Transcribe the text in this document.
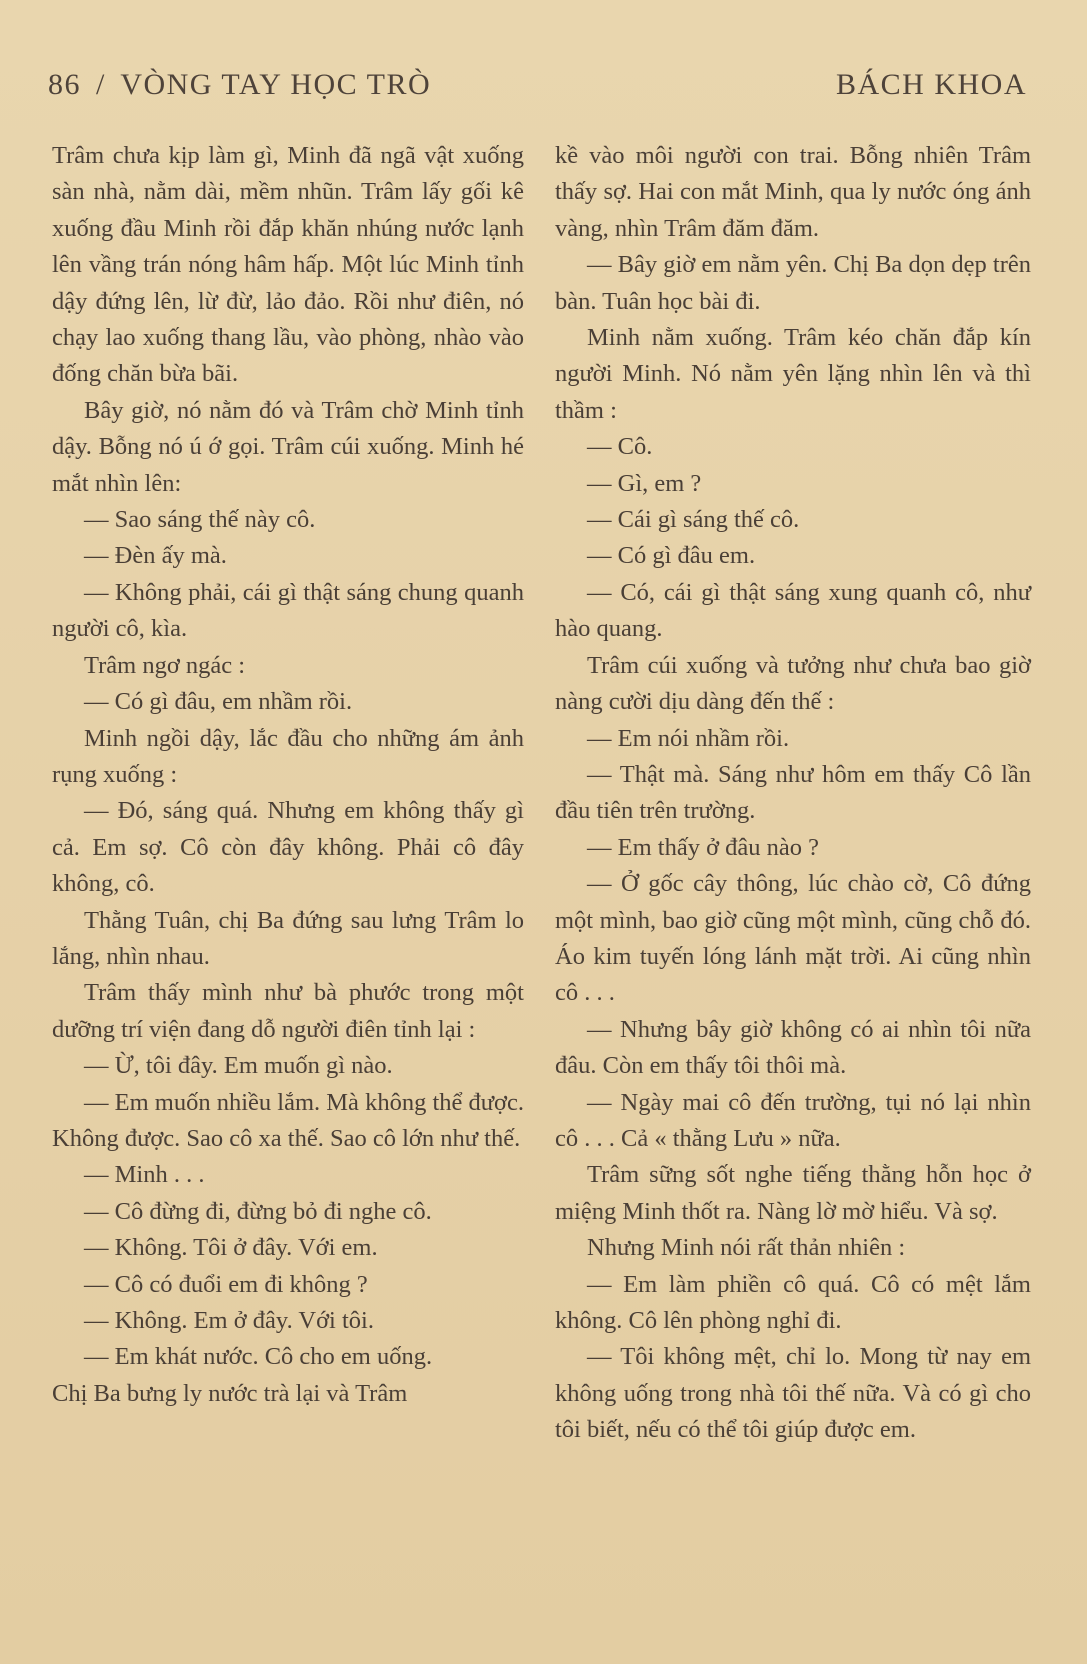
86 / VÒNG TAY HỌC TRÒ	BÁCH KHOA

Trâm chưa kịp làm gì, Minh đã ngã vật xuống sàn nhà, nằm dài, mềm nhũn. Trâm lấy gối kê xuống đầu Minh rồi đắp khăn nhúng nước lạnh lên vầng trán nóng hâm hấp. Một lúc Minh tỉnh dậy đứng lên, lừ đừ, lảo đảo. Rồi như điên, nó chạy lao xuống thang lầu, vào phòng, nhào vào đống chăn bừa bãi.

Bây giờ, nó nằm đó và Trâm chờ Minh tỉnh dậy. Bỗng nó ú ớ gọi. Trâm cúi xuống. Minh hé mắt nhìn lên:

— Sao sáng thế này cô.

— Đèn ấy mà.

— Không phải, cái gì thật sáng chung quanh người cô, kìa.

Trâm ngơ ngác :

— Có gì đâu, em nhầm rồi.

Minh ngồi dậy, lắc đầu cho những ám ảnh rụng xuống :

— Đó, sáng quá. Nhưng em không thấy gì cả. Em sợ. Cô còn đây không. Phải cô đây không, cô.

Thằng Tuân, chị Ba đứng sau lưng Trâm lo lắng, nhìn nhau.

Trâm thấy mình như bà phước trong một dưỡng trí viện đang dỗ người điên tỉnh lại :

— Ừ, tôi đây. Em muốn gì nào.

— Em muốn nhiều lắm. Mà không thể được. Không được. Sao cô xa thế. Sao cô lớn như thế.

— Minh . . .

— Cô đừng đi, đừng bỏ đi nghe cô.

— Không. Tôi ở đây. Với em.

— Cô có đuổi em đi không ?

— Không. Em ở đây. Với tôi.

— Em khát nước. Cô cho em uống.

Chị Ba bưng ly nước trà lại và Trâm

kề vào môi người con trai. Bỗng nhiên Trâm thấy sợ. Hai con mắt Minh, qua ly nước óng ánh vàng, nhìn Trâm đăm đăm.

— Bây giờ em nằm yên. Chị Ba dọn dẹp trên bàn. Tuân học bài đi.

Minh nằm xuống. Trâm kéo chăn đắp kín người Minh. Nó nằm yên lặng nhìn lên và thì thầm :

— Cô.

— Gì, em ?

— Cái gì sáng thế cô.

— Có gì đâu em.

— Có, cái gì thật sáng xung quanh cô, như hào quang.

Trâm cúi xuống và tưởng như chưa bao giờ nàng cười dịu dàng đến thế :

— Em nói nhầm rồi.

— Thật mà. Sáng như hôm em thấy Cô lần đầu tiên trên trường.

— Em thấy ở đâu nào ?

— Ở gốc cây thông, lúc chào cờ, Cô đứng một mình, bao giờ cũng một mình, cũng chỗ đó. Áo kim tuyến lóng lánh mặt trời. Ai cũng nhìn cô . . .

— Nhưng bây giờ không có ai nhìn tôi nữa đâu. Còn em thấy tôi thôi mà.

— Ngày mai cô đến trường, tụi nó lại nhìn cô . . . Cả « thằng Lưu » nữa.

Trâm sững sốt nghe tiếng thằng hỗn học ở miệng Minh thốt ra. Nàng lờ mờ hiểu. Và sợ.

Nhưng Minh nói rất thản nhiên :

— Em làm phiền cô quá. Cô có mệt lắm không. Cô lên phòng nghỉ đi.

— Tôi không mệt, chỉ lo. Mong từ nay em không uống trong nhà tôi thế nữa. Và có gì cho tôi biết, nếu có thể tôi giúp được em.
